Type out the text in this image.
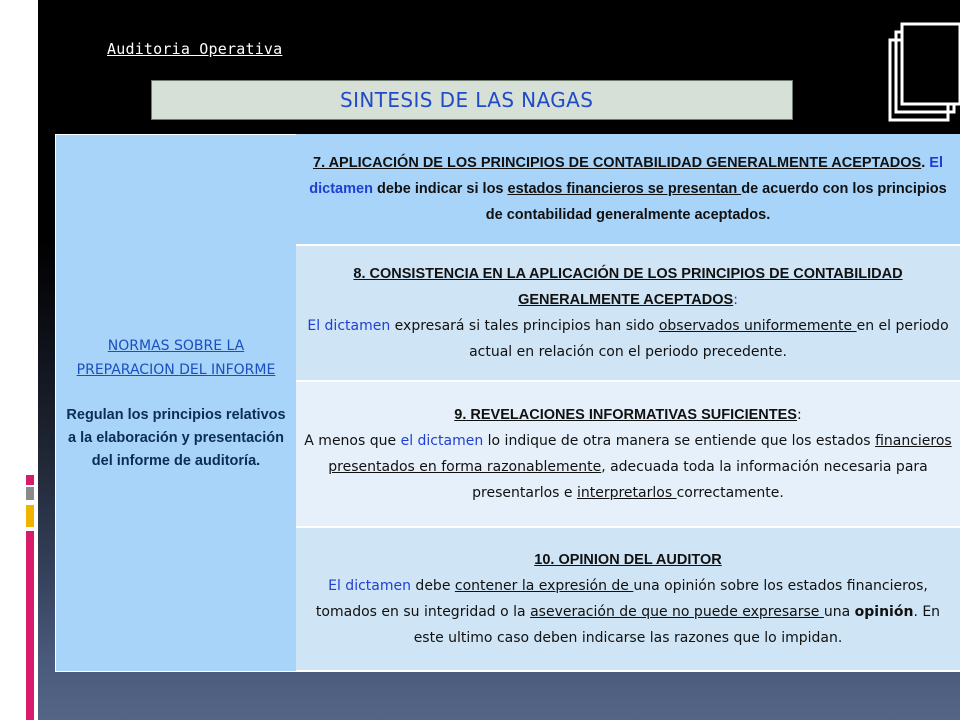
Auditoria Operativa
SINTESIS DE LAS NAGAS
NORMAS SOBRE LA
PREPARACION DEL INFORME
Regulan los principios relativos a la elaboración y presentación del informe de auditoría.
7. APLICACIÓN DE LOS PRINCIPIOS DE CONTABILIDAD GENERALMENTE ACEPTADOS. El dictamen debe indicar si los estados financieros se presentan de acuerdo con los principios de contabilidad generalmente aceptados.
8. CONSISTENCIA EN LA APLICACIÓN DE LOS PRINCIPIOS DE CONTABILIDAD GENERALMENTE ACEPTADOS:
El dictamen expresará si tales principios han sido observados uniformemente en el periodo actual en relación con el periodo precedente.
9. REVELACIONES INFORMATIVAS SUFICIENTES:
A menos que el dictamen lo indique de otra manera se entiende que los estados financieros presentados en forma razonablemente, adecuada toda la información necesaria para presentarlos e interpretarlos correctamente.
10. OPINION DEL AUDITOR
El dictamen debe contener la expresión de una opinión sobre los estados financieros, tomados en su integridad o la aseveración de que no puede expresarse una opinión. En este ultimo caso deben indicarse las razones que lo impidan.
